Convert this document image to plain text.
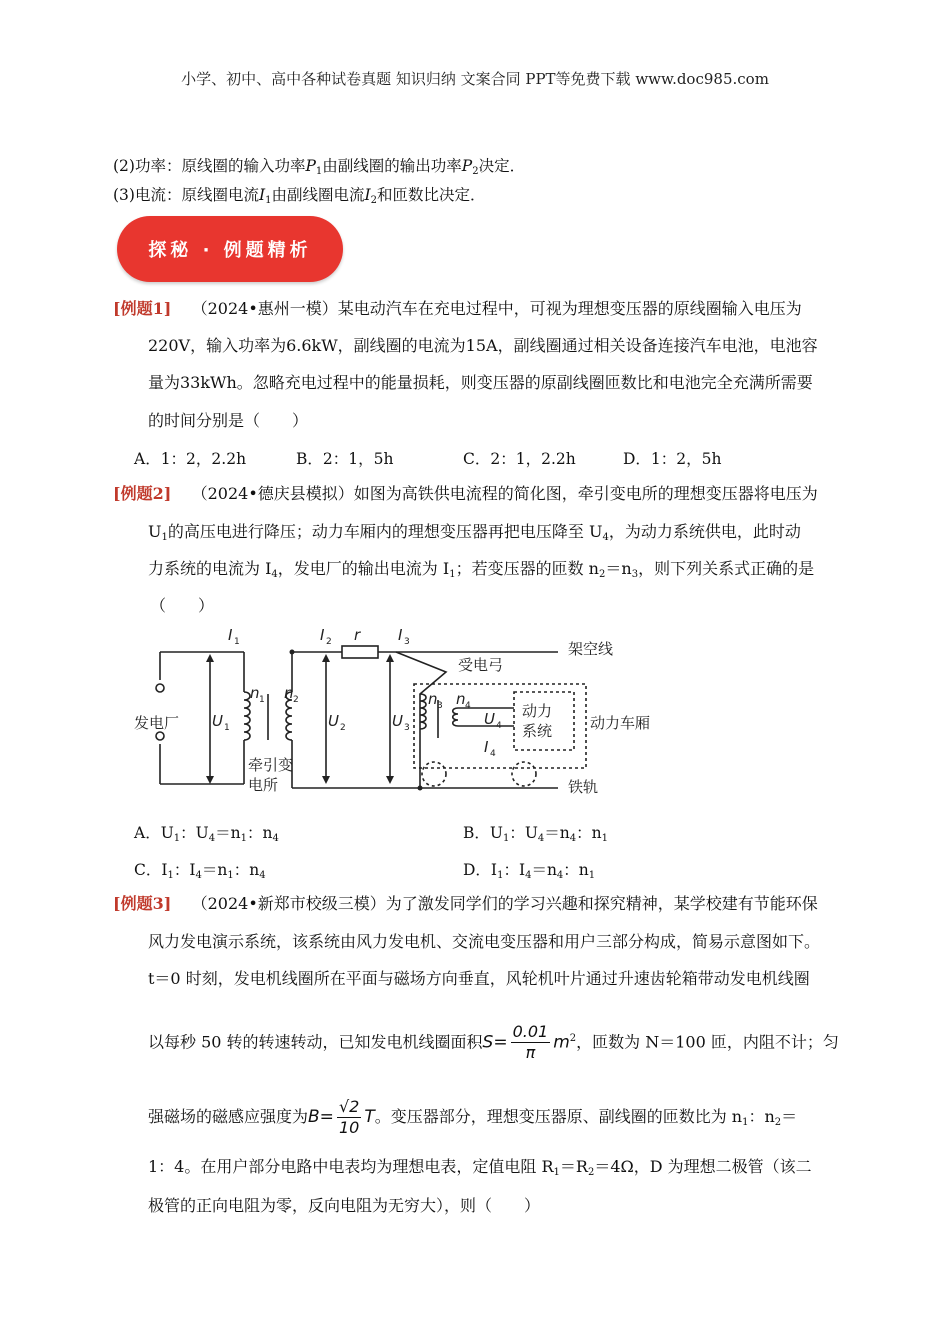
小学、初中、高中各种试卷真题 知识归纳 文案合同 PPT等免费下载 www.doc985.com
(2)功率：原线圈的输入功率$P_1$由副线圈的输出功率$P_2$决定．
(3)电流：原线圈电流$I_1$由副线圈电流$I_2$和匝数比决定．
探秘 · 例题精析
[例题1] （2024•惠州一模）某电动汽车在充电过程中，可视为理想变压器的原线圈输入电压为
220V，输入功率为6.6kW，副线圈的电流为15A，副线圈通过相关设备连接汽车电池，电池容
量为33kWh。忽略充电过程中的能量损耗，则变压器的原副线圈匝数比和电池完全充满所需要
的时间分别是（　　）
A．1：2，2.2h	B．2：1，5h	C．2：1，2.2h	D．1：2，5h
[例题2] （2024•德庆县模拟）如图为高铁供电流程的简化图，牵引变电所的理想变压器将电压为
$U_1$的高压电进行降压；动力车厢内的理想变压器再把电压降至 $U_4$，为动力系统供电，此时动
力系统的电流为 $I_4$，发电厂的输出电流为 $I_1$；若变压器的匝数 $n_2=n_3$，则下列关系式正确的是
（　　）
发电厂
牵引变
电所
受电弓
架空线
动力
系统	动力车厢
铁轨
U 1	U 2	U 3	U 4
I 1	I 2 r	I 3
I 4
n 1 n 2	n 3 n 4
A．$U_1$：$U_4=n_1$：$n_4$	B．$U_1$：$U_4=n_4$：$n_1$
C．$I_1$：$I_4=n_1$：$n_4$	D．$I_1$：$I_4=n_4$：$n_1$
[例题3] （2024•新郑市校级三模）为了激发同学们的学习兴趣和探究精神，某学校建有节能环保
风力发电演示系统，该系统由风力发电机、交流电变压器和用户三部分构成，简易示意图如下。
t＝0 时刻，发电机线圈所在平面与磁场方向垂直，风轮机叶片通过升速齿轮箱带动发电机线圈
以每秒 50 转的转速转动，已知发电机线圈面积$S= \frac{0.01}{\pi} m^2$，匝数为 N＝100 匝，内阻不计；匀
强磁场的磁感应强度为$B= \frac{√2}{10}$ T。变压器部分，理想变压器原、副线圈的匝数比为 $n_1$：$n_2=$
1：4。在用户部分电路中电表均为理想电表，定值电阻 $R_1=R_2=4\Omega$，D 为理想二极管（该二
极管的正向电阻为零，反向电阻为无穷大），则（　　）
